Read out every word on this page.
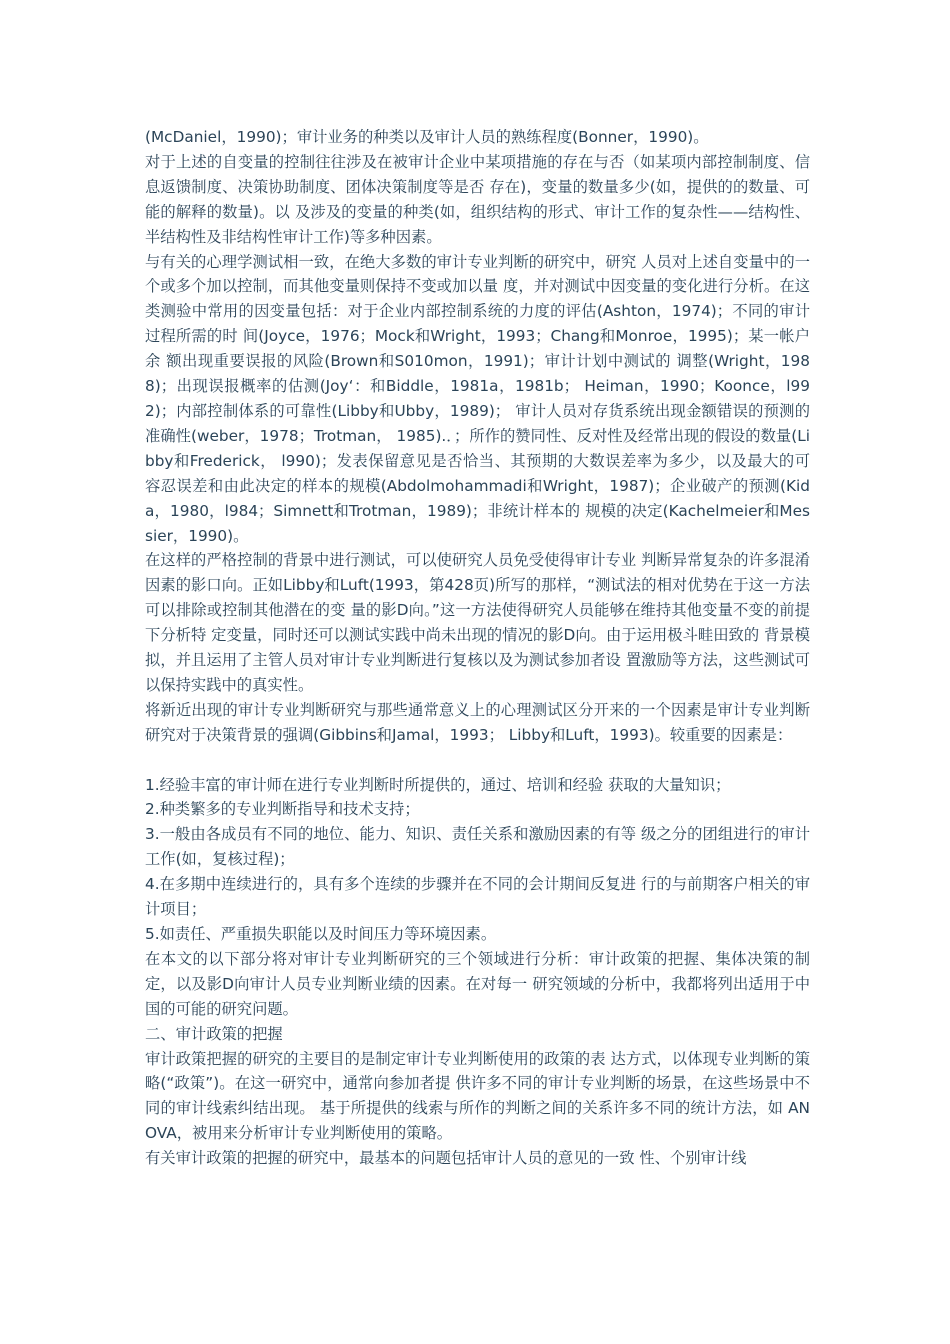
(McDaniel，1990)；审计业务的种类以及审计人员的熟练程度(Bonner，1990)。

对于上述的自变量的控制往往涉及在被审计企业中某项措施的存在与否（如某项内部控制制度、信息返馈制度、决策协助制度、团体决策制度等是否 存在)，变量的数量多少(如，提供的的数量、可能的解释的数量)。以 及涉及的变量的种类(如，组织结构的形式、审计工作的复杂性——结构性、 半结构性及非结构性审计工作)等多种因素。

与有关的心理学测试相一致，在绝大多数的审计专业判断的研究中，研究 人员对上述自变量中的一个或多个加以控制，而其他变量则保持不变或加以量 度，并对测试中因变量的变化进行分析。在这类测验中常用的因变量包括：对于企业内部控制系统的力度的评估(Ashton，1974)；不同的审计过程所需的时 间(Joyce，1976；Mock和Wright，1993；Chang和Monroe，1995)；某一帐户余 额出现重要误报的风险(Brown和S010mon，1991)；审计计划中测试的 调整(Wright，1988)；出现误报概率的估测(Joy‘：和Biddle，1981a，1981b； Heiman，1990；Koonce，l992)；内部控制体系的可靠性(Libby和Ubby，1989)； 审计人员对存货系统出现金额错误的预测的准确性(weber，1978；Trotman， 1985).．；所作的赞同性、反对性及经常出现的假设的数量(Libby和Frederick， l990)；发表保留意见是否恰当、其预期的大数误差率为多少，以及最大的可 容忍误差和由此决定的样本的规模(Abdolmohammadi和Wright，1987)；企业破产的预测(Kida，1980，l984；Simnett和Trotman，1989)；非统计样本的 规模的决定(Kachelmeier和Messier，1990)。

在这样的严格控制的背景中进行测试，可以使研究人员免受使得审计专业 判断异常复杂的许多混淆因素的影口向。正如Libby和Luft(1993，第428页)所写的那样，“测试法的相对优势在于这一方法可以排除或控制其他潜在的变 量的影D向。”这一方法使得研究人员能够在维持其他变量不变的前提下分析特 定变量，同时还可以测试实践中尚未出现的情况的影D向。由于运用极斗畦田致的 背景模拟，并且运用了主管人员对审计专业判断进行复核以及为测试参加者设 置激励等方法，这些测试可以保持实践中的真实性。

将新近出现的审计专业判断研究与那些通常意义上的心理测试区分开来的一个因素是审计专业判断研究对于决策背景的强调(Gibbins和Jamal，1993； Libby和Luft，1993)。较重要的因素是：

1.经验丰富的审计师在进行专业判断时所提供的，通过、培训和经验 获取的大量知识；

2.种类繁多的专业判断指导和技术支持；

3.一般由各成员有不同的地位、能力、知识、责任关系和激励因素的有等 级之分的团组进行的审计工作(如，复核过程)；

4.在多期中连续进行的，具有多个连续的步骤并在不同的会计期间反复进 行的与前期客户相关的审计项目；

5.如责任、严重损失职能以及时间压力等环境因素。

在本文的以下部分将对审计专业判断研究的三个领域进行分析：审计政策的把握、集体决策的制定，以及影D向审计人员专业判断业绩的因素。在对每一 研究领域的分析中，我都将列出适用于中国的可能的研究问题。

二、审计政策的把握

审计政策把握的研究的主要目的是制定审计专业判断使用的政策的表 达方式，以体现专业判断的策略(“政策”)。在这一研究中，通常向参加者提 供许多不同的审计专业判断的场景，在这些场景中不同的审计线索纠结出现。 基于所提供的线索与所作的判断之间的关系许多不同的统计方法，如 ANOVA，被用来分析审计专业判断使用的策略。

有关审计政策的把握的研究中，最基本的问题包括审计人员的意见的一致 性、个别审计线
